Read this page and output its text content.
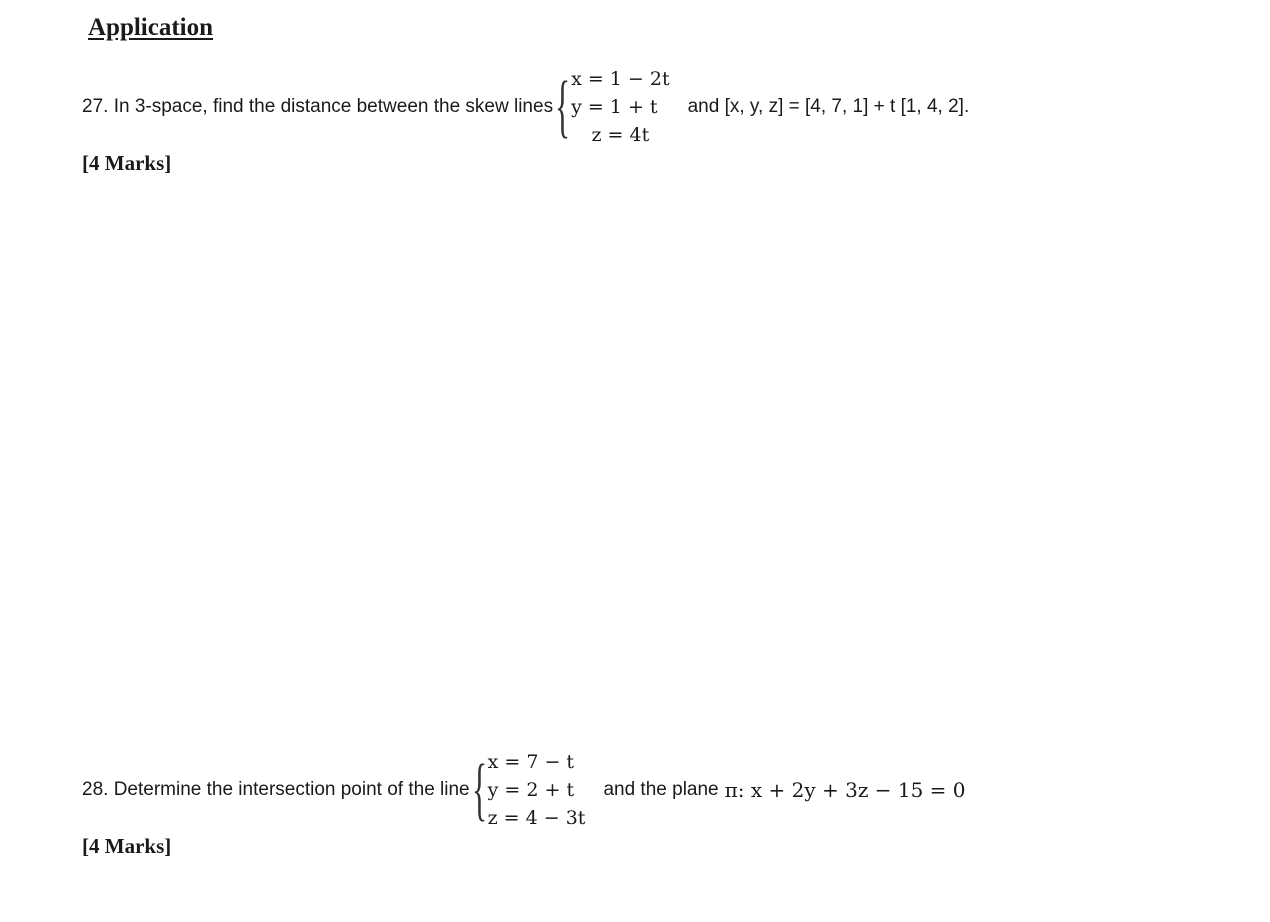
Application
27. In 3-space, find the distance between the skew lines { x = 1 − 2t
y = 1 + t
z = 4t
and [x, y, z] = [4, 7, 1] + t [1, 4, 2].
[4 Marks]
28. Determine the intersection point of the line { x = 7 − t
y = 2 + t
z = 4 − 3t
and the plane π: x + 2y + 3z − 15 = 0
[4 Marks]
